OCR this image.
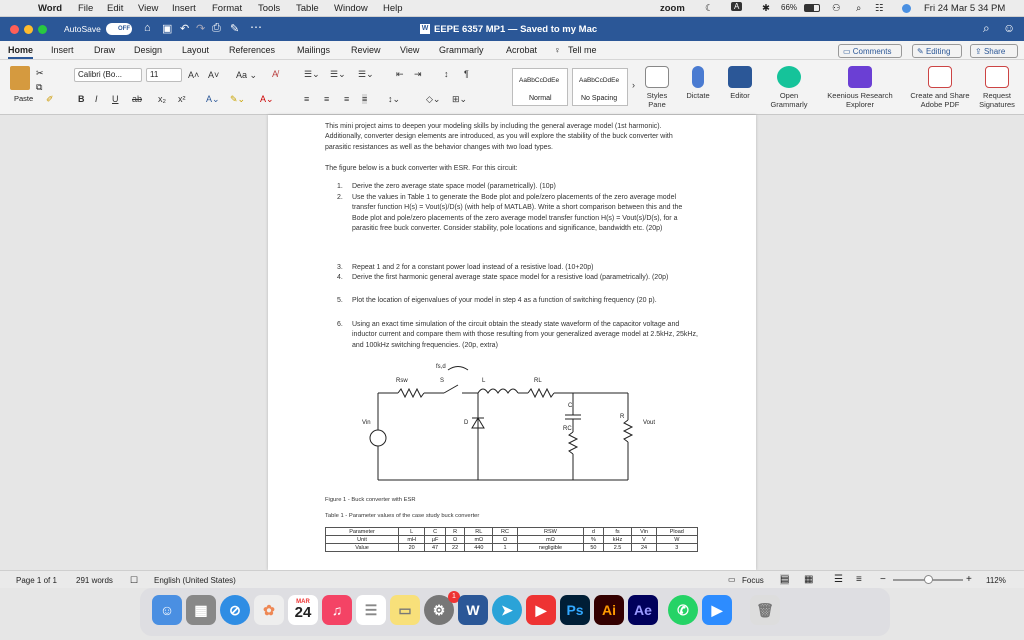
Word File Edit View Insert Format Tools Table Window Help	zoom ☾	A	✱ 66%	⚇ ⌕ ☷	Fri 24 Mar 5 34 PM
AutoSave	OFF ⌂ ▣ ↶ ↷ ⎙ ✎ ⋯	W EEPE 6357 MP1 — Saved to my Mac	⌕ ☺
Home Insert Draw Design Layout References Mailings Review View Grammarly	Acrobat ♀ Tell me	▭ Comments	✎ Editing	⇪ Share
Paste
✂
⧉
✐
Calibri (Bo...	11	A˄ A˅ Aa ⌄ A̸
B I U ab x₂ x² A⌄ ✎⌄ A⌄
☰⌄ ☰⌄ ☰⌄ ⇤ ⇥ ↕ ¶
≡ ≡ ≡ ≡ ↕⌄	◇⌄ ⊞⌄
AaBbCcDdEe
Normal
AaBbCcDdEe
No Spacing
›
Styles Pane
Dictate	Editor	Open Grammarly
Keenious Research Explorer
Create and Share Adobe PDF
Request Signatures
This mini project aims to deepen your modeling skills by including the general average model (1st harmonic). Additionally, converter design elements are introduced, as you will explore the stability of the buck converter with parasitic resistances as well as the behavior changes with two load types.
The figure below is a buck converter with ESR. For this circuit:
1. Derive the zero average state space model (parametrically). (10p)
2. Use the values in Table 1 to generate the Bode plot and pole/zero placements of the zero average model transfer function H(s) = Vout(s)/D(s) (with help of MATLAB). Write a short comparison between this and the Bode plot and pole/zero placements of the zero average model transfer function H(s) = Vout(s)/D(s), for a parasitic free buck converter. Consider stability, pole locations and significance, bandwidth etc. (20p)
3. Repeat 1 and 2 for a constant power load instead of a resistive load. (10+20p)
4. Derive the first harmonic general average state space model for a resistive load (parametrically). (20p)
5. Plot the location of eigenvalues of your model in step 4 as a function of switching frequency (20 p).
6. Using an exact time simulation of the circuit obtain the steady state waveform of the capacitor voltage and inductor current and compare them with those resulting from your generalized average model at 2.5kHz, 25kHz, and 100kHz switching frequencies. (20p, extra)
fs,d
Rsw	S	L	RL
C
D
RC
R
Vin	Vout
Figure 1 - Buck converter with ESR
Table 1 - Parameter values of the case study buck converter
Parameter	L	C	R	RL	RC	RSW	d	fs	Vin	Pload
Unit	mH	µF	Ω	mΩ	Ω	mΩ	%	kHz	V	W
Value	20	47	22	440	1	negligible	50	2.5	24	3
Page 1 of 1 291 words ☐ English (United States)	▭ Focus ▤ ▦ ☰ ≡ −	+ 112%
☺	▦	⊘	✿	MAR
24	♫	☰	▭	⚙
1
W	➤	▶	Ps	Ai	Ae	✆	▶	🗑
